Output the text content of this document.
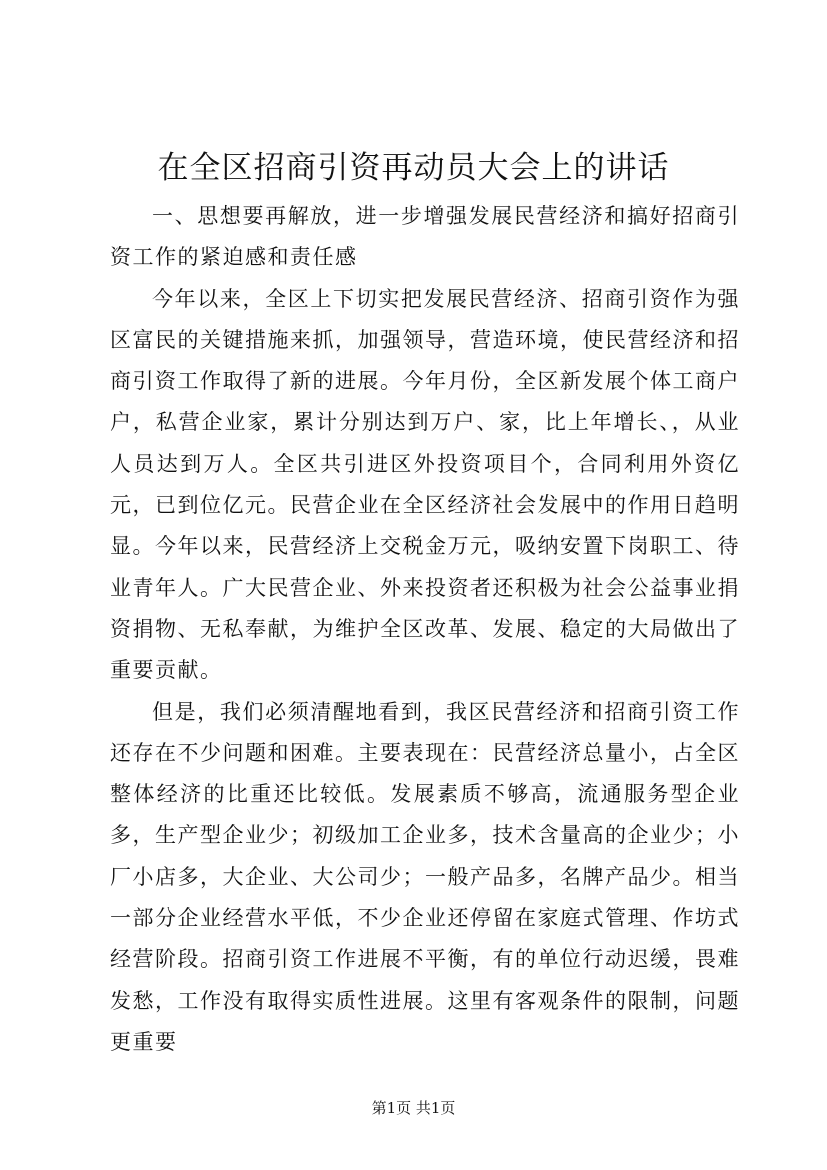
在全区招商引资再动员大会上的讲话

一、思想要再解放，进一步增强发展民营经济和搞好招商引资工作的紧迫感和责任感

今年以来，全区上下切实把发展民营经济、招商引资作为强区富民的关键措施来抓，加强领导，营造环境，使民营经济和招商引资工作取得了新的进展。今年月份，全区新发展个体工商户户，私营企业家，累计分别达到万户、家，比上年增长、，从业人员达到万人。全区共引进区外投资项目个，合同利用外资亿元，已到位亿元。民营企业在全区经济社会发展中的作用日趋明显。今年以来，民营经济上交税金万元，吸纳安置下岗职工、待业青年人。广大民营企业、外来投资者还积极为社会公益事业捐资捐物、无私奉献，为维护全区改革、发展、稳定的大局做出了重要贡献。

但是，我们必须清醒地看到，我区民营经济和招商引资工作还存在不少问题和困难。主要表现在：民营经济总量小，占全区整体经济的比重还比较低。发展素质不够高，流通服务型企业多，生产型企业少；初级加工企业多，技术含量高的企业少；小厂小店多，大企业、大公司少；一般产品多，名牌产品少。相当一部分企业经营水平低，不少企业还停留在家庭式管理、作坊式经营阶段。招商引资工作进展不平衡，有的单位行动迟缓，畏难发愁，工作没有取得实质性进展。这里有客观条件的限制，问题更重要

第1页 共1页
